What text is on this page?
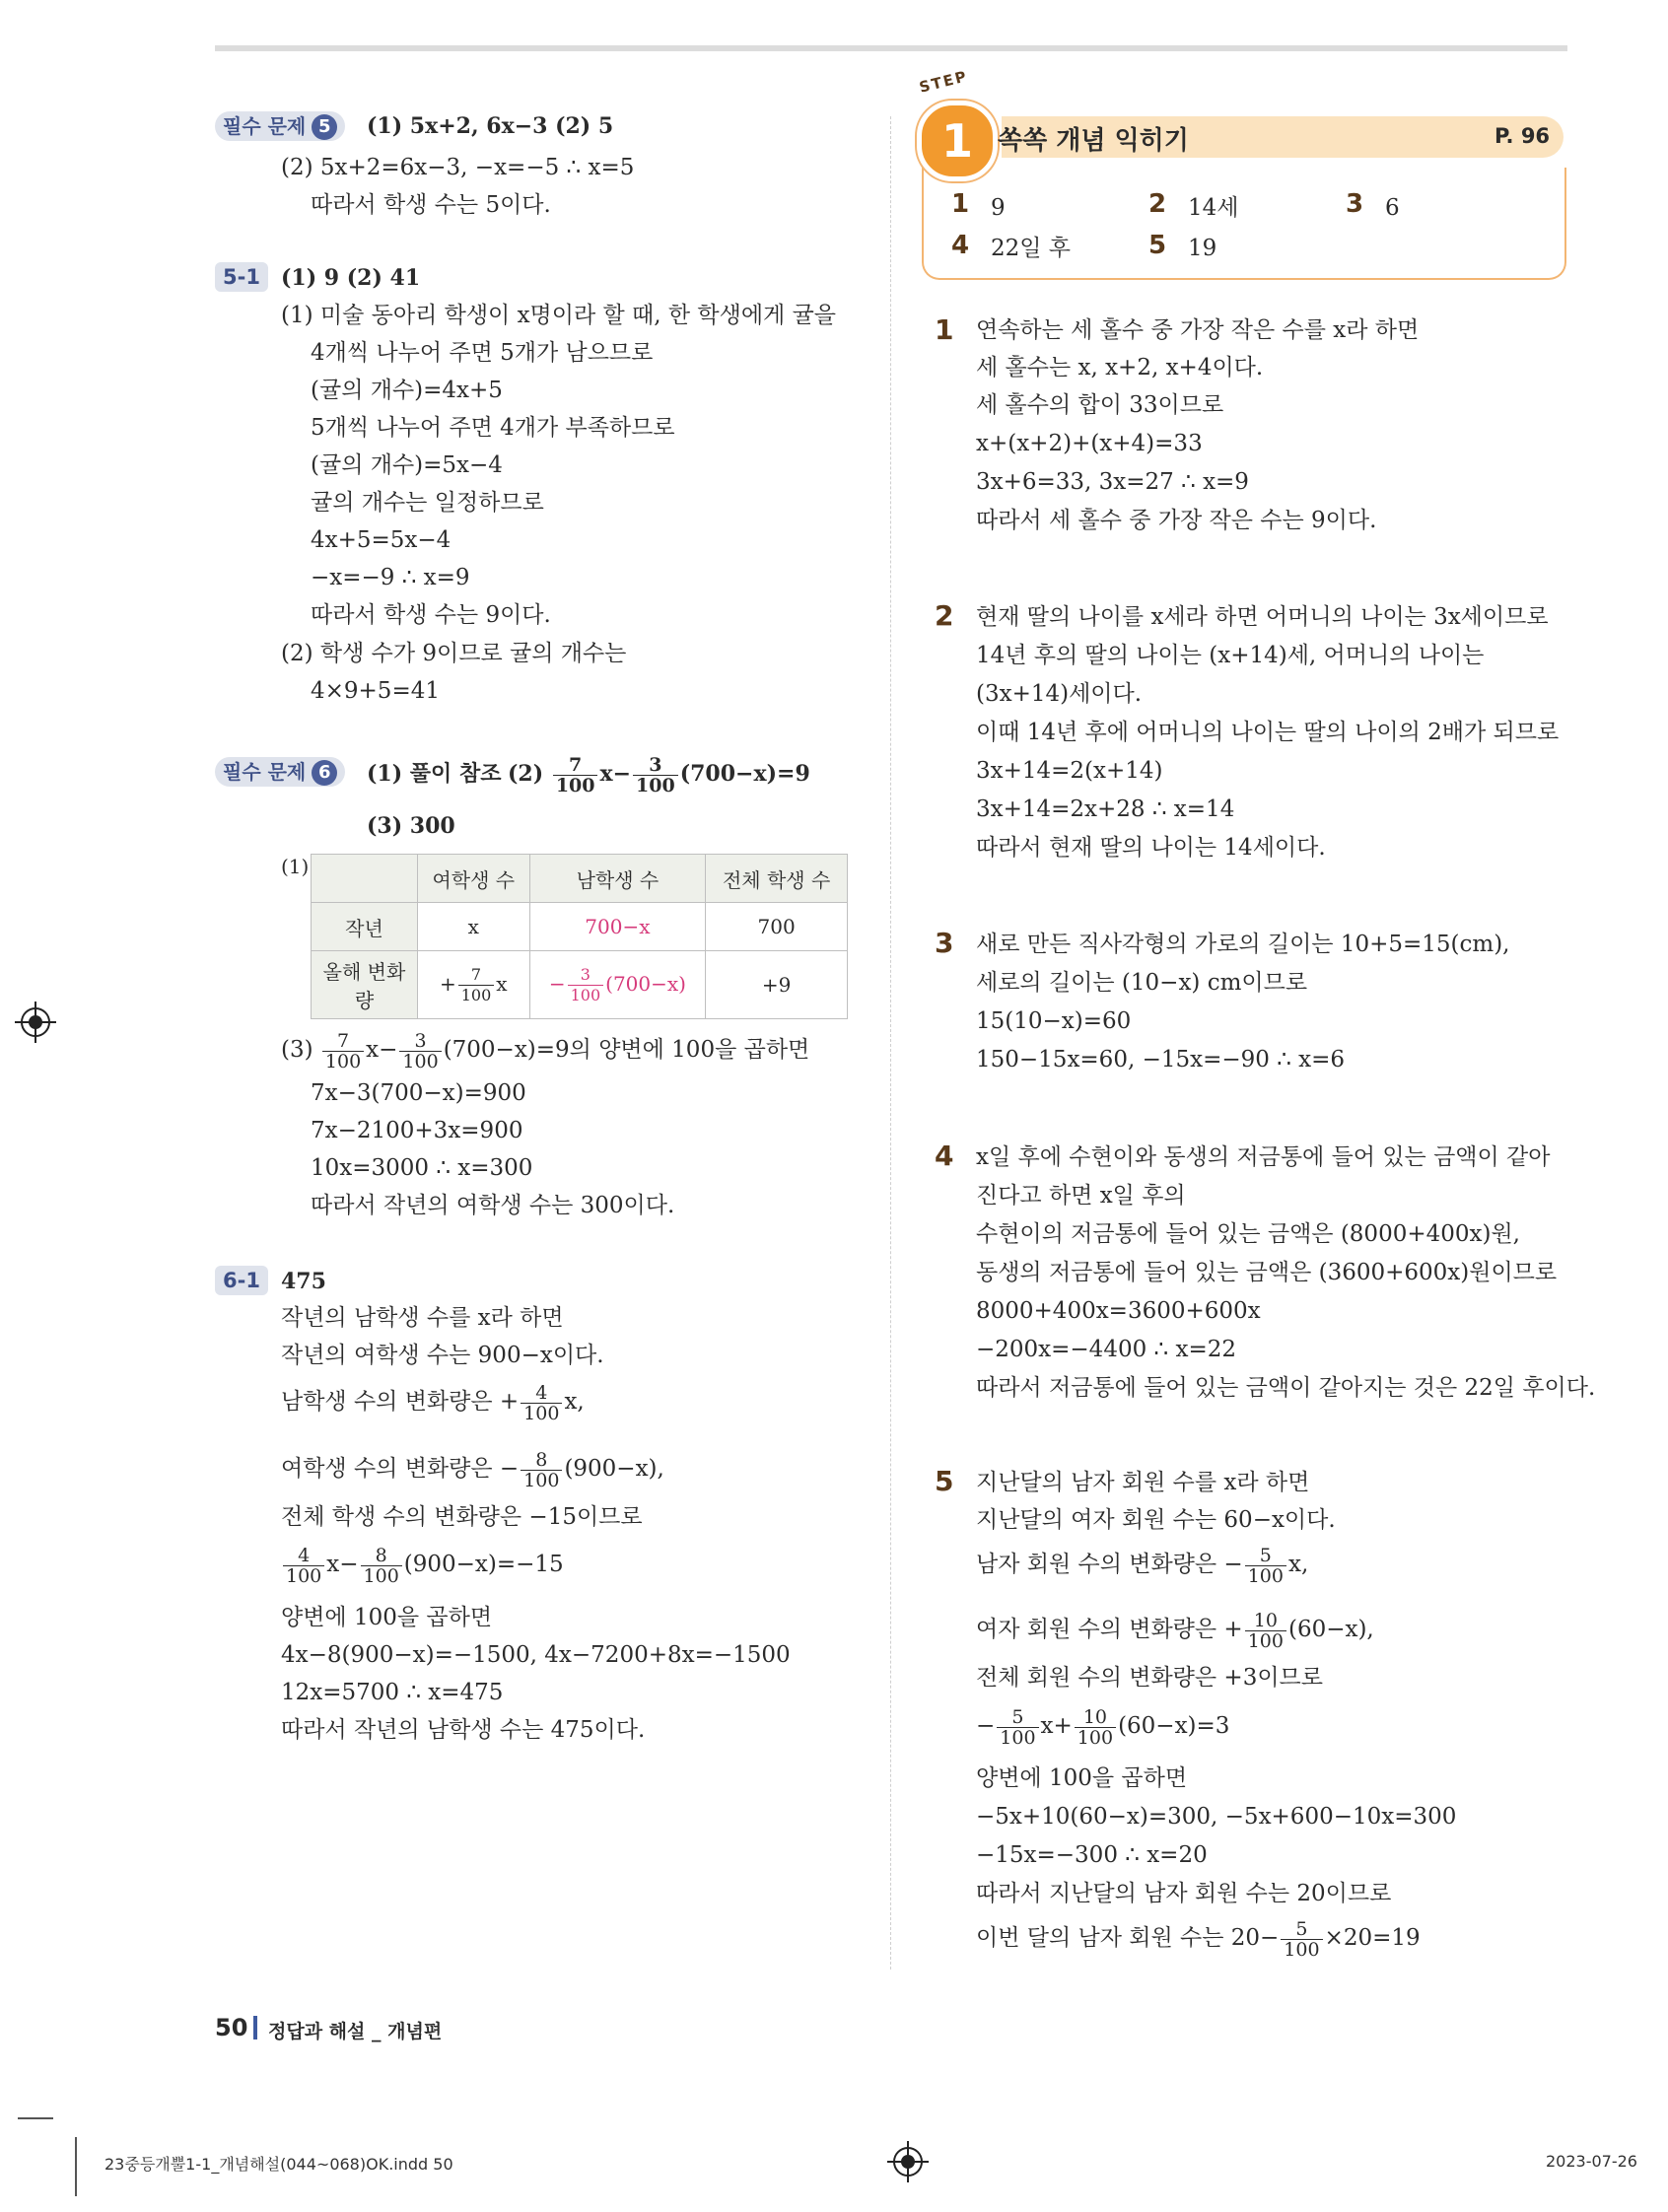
필수 문제 5	(1) 5x+2, 6x−3 (2) 5
(2) 5x+2=6x−3, −x=−5 ∴ x=5
따라서 학생 수는 5이다.
5-1 (1) 9 (2) 41
(1) 미술 동아리 학생이 x명이라 할 때, 한 학생에게 귤을
4개씩 나누어 주면 5개가 남으므로
(귤의 개수)=4x+5
5개씩 나누어 주면 4개가 부족하므로
(귤의 개수)=5x−4
귤의 개수는 일정하므로
4x+5=5x−4
−x=−9 ∴ x=9
따라서 학생 수는 9이다.
(2) 학생 수가 9이므로 귤의 개수는
4×9+5=41
필수 문제 6	(1) 풀이 참조 $(2) \frac{7}{100} x- \frac{3}{100} (700-x)=9$
(3) 300
(1)
	여학생 수	남학생 수	전체 학생 수
작년	x	700−x	700
올해 변화량	+ $\frac{7}{100}$ x	− $\frac{3}{100} (700-x)$	+9
$(3) \frac{7}{100} x- \frac{3}{100} (700-x)=9$의 양변에 100을 곱하면
7x−3(700−x)=900
7x−2100+3x=900
10x=3000 ∴ x=300
따라서 작년의 여학생 수는 300이다.
6-1 475
작년의 남학생 수를 x라 하면
작년의 여학생 수는 900−x이다.
남학생 수의 변화량은 + $\frac{4}{100} x$,
여학생 수의 변화량은 − $\frac{8}{100} (900-x)$,
전체 학생 수의 변화량은 −15이므로
$\frac{4}{100} x- \frac{8}{100} (900-x)=-15$
양변에 100을 곱하면
4x−8(900−x)=−1500, 4x−7200+8x=−1500
12x=5700 ∴ x=475
따라서 작년의 남학생 수는 475이다.
STEP
1 쏙쏙 개념 익히기	P. 96
1 9	2 14세	3 6
4 22일 후	5 19
1 연속하는 세 홀수 중 가장 작은 수를 x라 하면
세 홀수는 x, x+2, x+4이다.
세 홀수의 합이 33이므로
x+(x+2)+(x+4)=33
3x+6=33, 3x=27 ∴ x=9
따라서 세 홀수 중 가장 작은 수는 9이다.
2 현재 딸의 나이를 x세라 하면 어머니의 나이는 3x세이므로
14년 후의 딸의 나이는 (x+14)세, 어머니의 나이는
(3x+14)세이다.
이때 14년 후에 어머니의 나이는 딸의 나이의 2배가 되므로
3x+14=2(x+14)
3x+14=2x+28 ∴ x=14
따라서 현재 딸의 나이는 14세이다.
3 새로 만든 직사각형의 가로의 길이는 10+5=15(cm),
세로의 길이는 (10−x) cm이므로
15(10−x)=60
150−15x=60, −15x=−90 ∴ x=6
4 x일 후에 수현이와 동생의 저금통에 들어 있는 금액이 같아
진다고 하면 x일 후의
수현이의 저금통에 들어 있는 금액은 (8000+400x)원,
동생의 저금통에 들어 있는 금액은 (3600+600x)원이므로
8000+400x=3600+600x
−200x=−4400 ∴ x=22
따라서 저금통에 들어 있는 금액이 같아지는 것은 22일 후이다.
5 지난달의 남자 회원 수를 x라 하면
지난달의 여자 회원 수는 60−x이다.
남자 회원 수의 변화량은 − $\frac{5}{100} x$,
여자 회원 수의 변화량은 + $\frac{10}{100} (60-x)$,
전체 회원 수의 변화량은 +3이므로
− $\frac{5}{100} x+ \frac{10}{100} (60-x)=3$
양변에 100을 곱하면
−5x+10(60−x)=300, −5x+600−10x=300
−15x=−300 ∴ x=20
따라서 지난달의 남자 회원 수는 20이므로
이번 달의 남자 회원 수는 $20- \frac{5}{100} \times 20=19$
50 정답과 해설 _ 개념편
23중등개뿔1-1_개념해설(044~068)OK.indd 50	2023-07-26
